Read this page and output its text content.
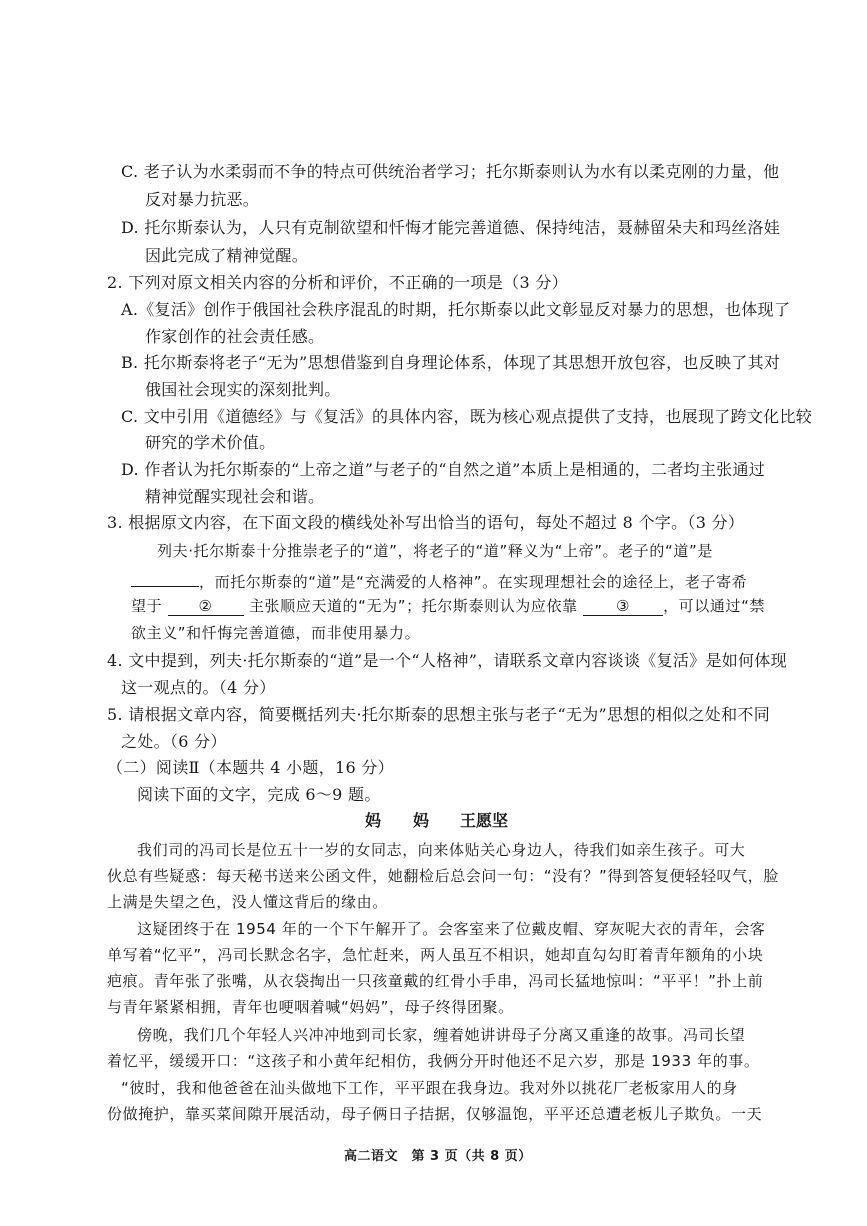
C. 老子认为水柔弱而不争的特点可供统治者学习；托尔斯泰则认为水有以柔克刚的力量，他
反对暴力抗恶。
D. 托尔斯泰认为，人只有克制欲望和忏悔才能完善道德、保持纯洁，聂赫留朵夫和玛丝洛娃
因此完成了精神觉醒。
2. 下列对原文相关内容的分析和评价，不正确的一项是（3 分）
A.《复活》创作于俄国社会秩序混乱的时期，托尔斯泰以此文彰显反对暴力的思想，也体现了
作家创作的社会责任感。
B. 托尔斯泰将老子“无为”思想借鉴到自身理论体系，体现了其思想开放包容，也反映了其对
俄国社会现实的深刻批判。
C. 文中引用《道德经》与《复活》的具体内容，既为核心观点提供了支持，也展现了跨文化比较
研究的学术价值。
D. 作者认为托尔斯泰的“上帝之道”与老子的“自然之道”本质上是相通的，二者均主张通过
精神觉醒实现社会和谐。
3. 根据原文内容，在下面文段的横线处补写出恰当的语句，每处不超过 8 个字。（3 分）
列夫·托尔斯泰十分推崇老子的“道”，将老子的“道”释义为“上帝”。老子的“道”是
，而托尔斯泰的“道”是“充满爱的人格神”。在实现理想社会的途径上，老子寄希
望于 ② 主张顺应天道的“无为”；托尔斯泰则认为应依靠	③ ，可以通过“禁
欲主义”和忏悔完善道德，而非使用暴力。
4. 文中提到，列夫·托尔斯泰的“道”是一个“人格神”，请联系文章内容谈谈《复活》是如何体现
这一观点的。（4 分）
5. 请根据文章内容，简要概括列夫·托尔斯泰的思想主张与老子“无为”思想的相似之处和不同
之处。（6 分）
（二）阅读Ⅱ（本题共 4 小题，16 分）
阅读下面的文字，完成 6～9 题。
妈　　妈 王愿坚
我们司的冯司长是位五十一岁的女同志，向来体贴关心身边人，待我们如亲生孩子。可大
伙总有些疑惑：每天秘书送来公函文件，她翻检后总会问一句：“没有？”得到答复便轻轻叹气，脸
上满是失望之色，没人懂这背后的缘由。
这疑团终于在 1954 年的一个下午解开了。会客室来了位戴皮帽、穿灰呢大衣的青年，会客
单写着“忆平”，冯司长默念名字，急忙赶来，两人虽互不相识，她却直勾勾盯着青年额角的小块
疤痕。青年张了张嘴，从衣袋掏出一只孩童戴的红骨小手串，冯司长猛地惊叫：“平平！”扑上前
与青年紧紧相拥，青年也哽咽着喊“妈妈”，母子终得团聚。
傍晚，我们几个年轻人兴冲冲地到司长家，缠着她讲讲母子分离又重逢的故事。冯司长望
着忆平，缓缓开口：“这孩子和小黄年纪相仿，我俩分开时他还不足六岁，那是 1933 年的事。
“彼时，我和他爸爸在汕头做地下工作，平平跟在我身边。我对外以挑花厂老板家用人的身
份做掩护，靠买菜间隙开展活动，母子俩日子拮据，仅够温饱，平平还总遭老板儿子欺负。一天
高二语文　第 3 页（共 8 页）
